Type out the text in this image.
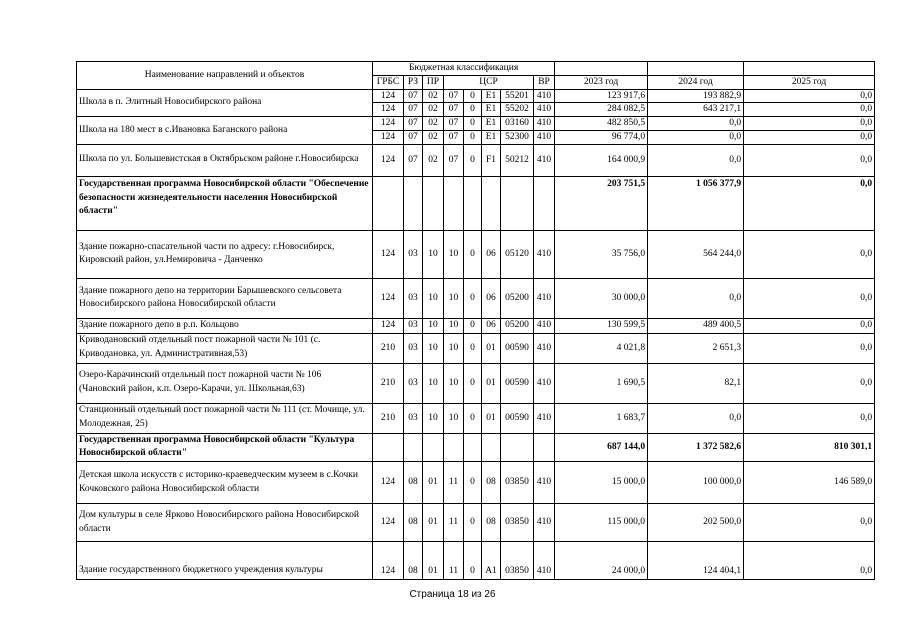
Наименование направлений и объектов	Бюджетная классификация										
	ГРБС	РЗ	ПР	ЦСР				ВР	2023 год	2024 год	2025 год
Школа в п. Элитный Новосибирского района	124	07	02	07	0	E1	55201	410	123 917,6	193 882,9	0,0
	124	07	02	07	0	E1	55202	410	284 082,5	643 217,1	0,0
Школа на 180 мест в с.Ивановка Баганского района	124	07	02	07	0	E1	03160	410	482 850,5	0,0	0,0
	124	07	02	07	0	E1	52300	410	96 774,0	0,0	0,0
Школа по ул. Большевистская в Октябрьском районе г.Новосибирска	124	07	02	07	0	F1	50212	410	164 000,9	0,0	0,0
Государственная программа Новосибирской области "Обеспечение безопасности жизнедеятельности населения Новосибирской области"									203 751,5	1 056 377,9	0,0
Здание пожарно-спасательной части по адресу: г.Новосибирск, Кировский район, ул.Немировича - Данченко	124	03	10	10	0	06	05120	410	35 756,0	564 244,0	0,0
Здание пожарного депо на территории Барышевского сельсовета Новосибирского района Новосибирской области	124	03	10	10	0	06	05200	410	30 000,0	0,0	0,0
Здание пожарного депо в р.п. Кольцово	124	03	10	10	0	06	05200	410	130 599,5	489 400,5	0,0
Криводановский отдельный пост пожарной части № 101 (с. Криводановка, ул. Административная,53)	210	03	10	10	0	01	00590	410	4 021,8	2 651,3	0,0
Озеро-Карачинский отдельный пост пожарной части № 106 (Чановский район, к.п. Озеро-Карачи, ул. Школьная,63)	210	03	10	10	0	01	00590	410	1 690,5	82,1	0,0
Станционный отдельный пост пожарной части № 111 (ст. Мочище, ул. Молодежная, 25)	210	03	10	10	0	01	00590	410	1 683,7	0,0	0,0
Государственная программа Новосибирской области "Культура Новосибирской области"									687 144,0	1 372 582,6	810 301,1
Детская школа искусств с историко-краеведческим музеем в с.Кочки Кочковского района Новосибирской области	124	08	01	11	0	08	03850	410	15 000,0	100 000,0	146 589,0
Дом культуры в селе Ярково Новосибирского района Новосибирской области	124	08	01	11	0	08	03850	410	115 000,0	202 500,0	0,0
Здание государственного бюджетного учреждения культуры	124	08	01	11	0	A1	03850	410	24 000,0	124 404,1	0,0
Страница 18 из 26
